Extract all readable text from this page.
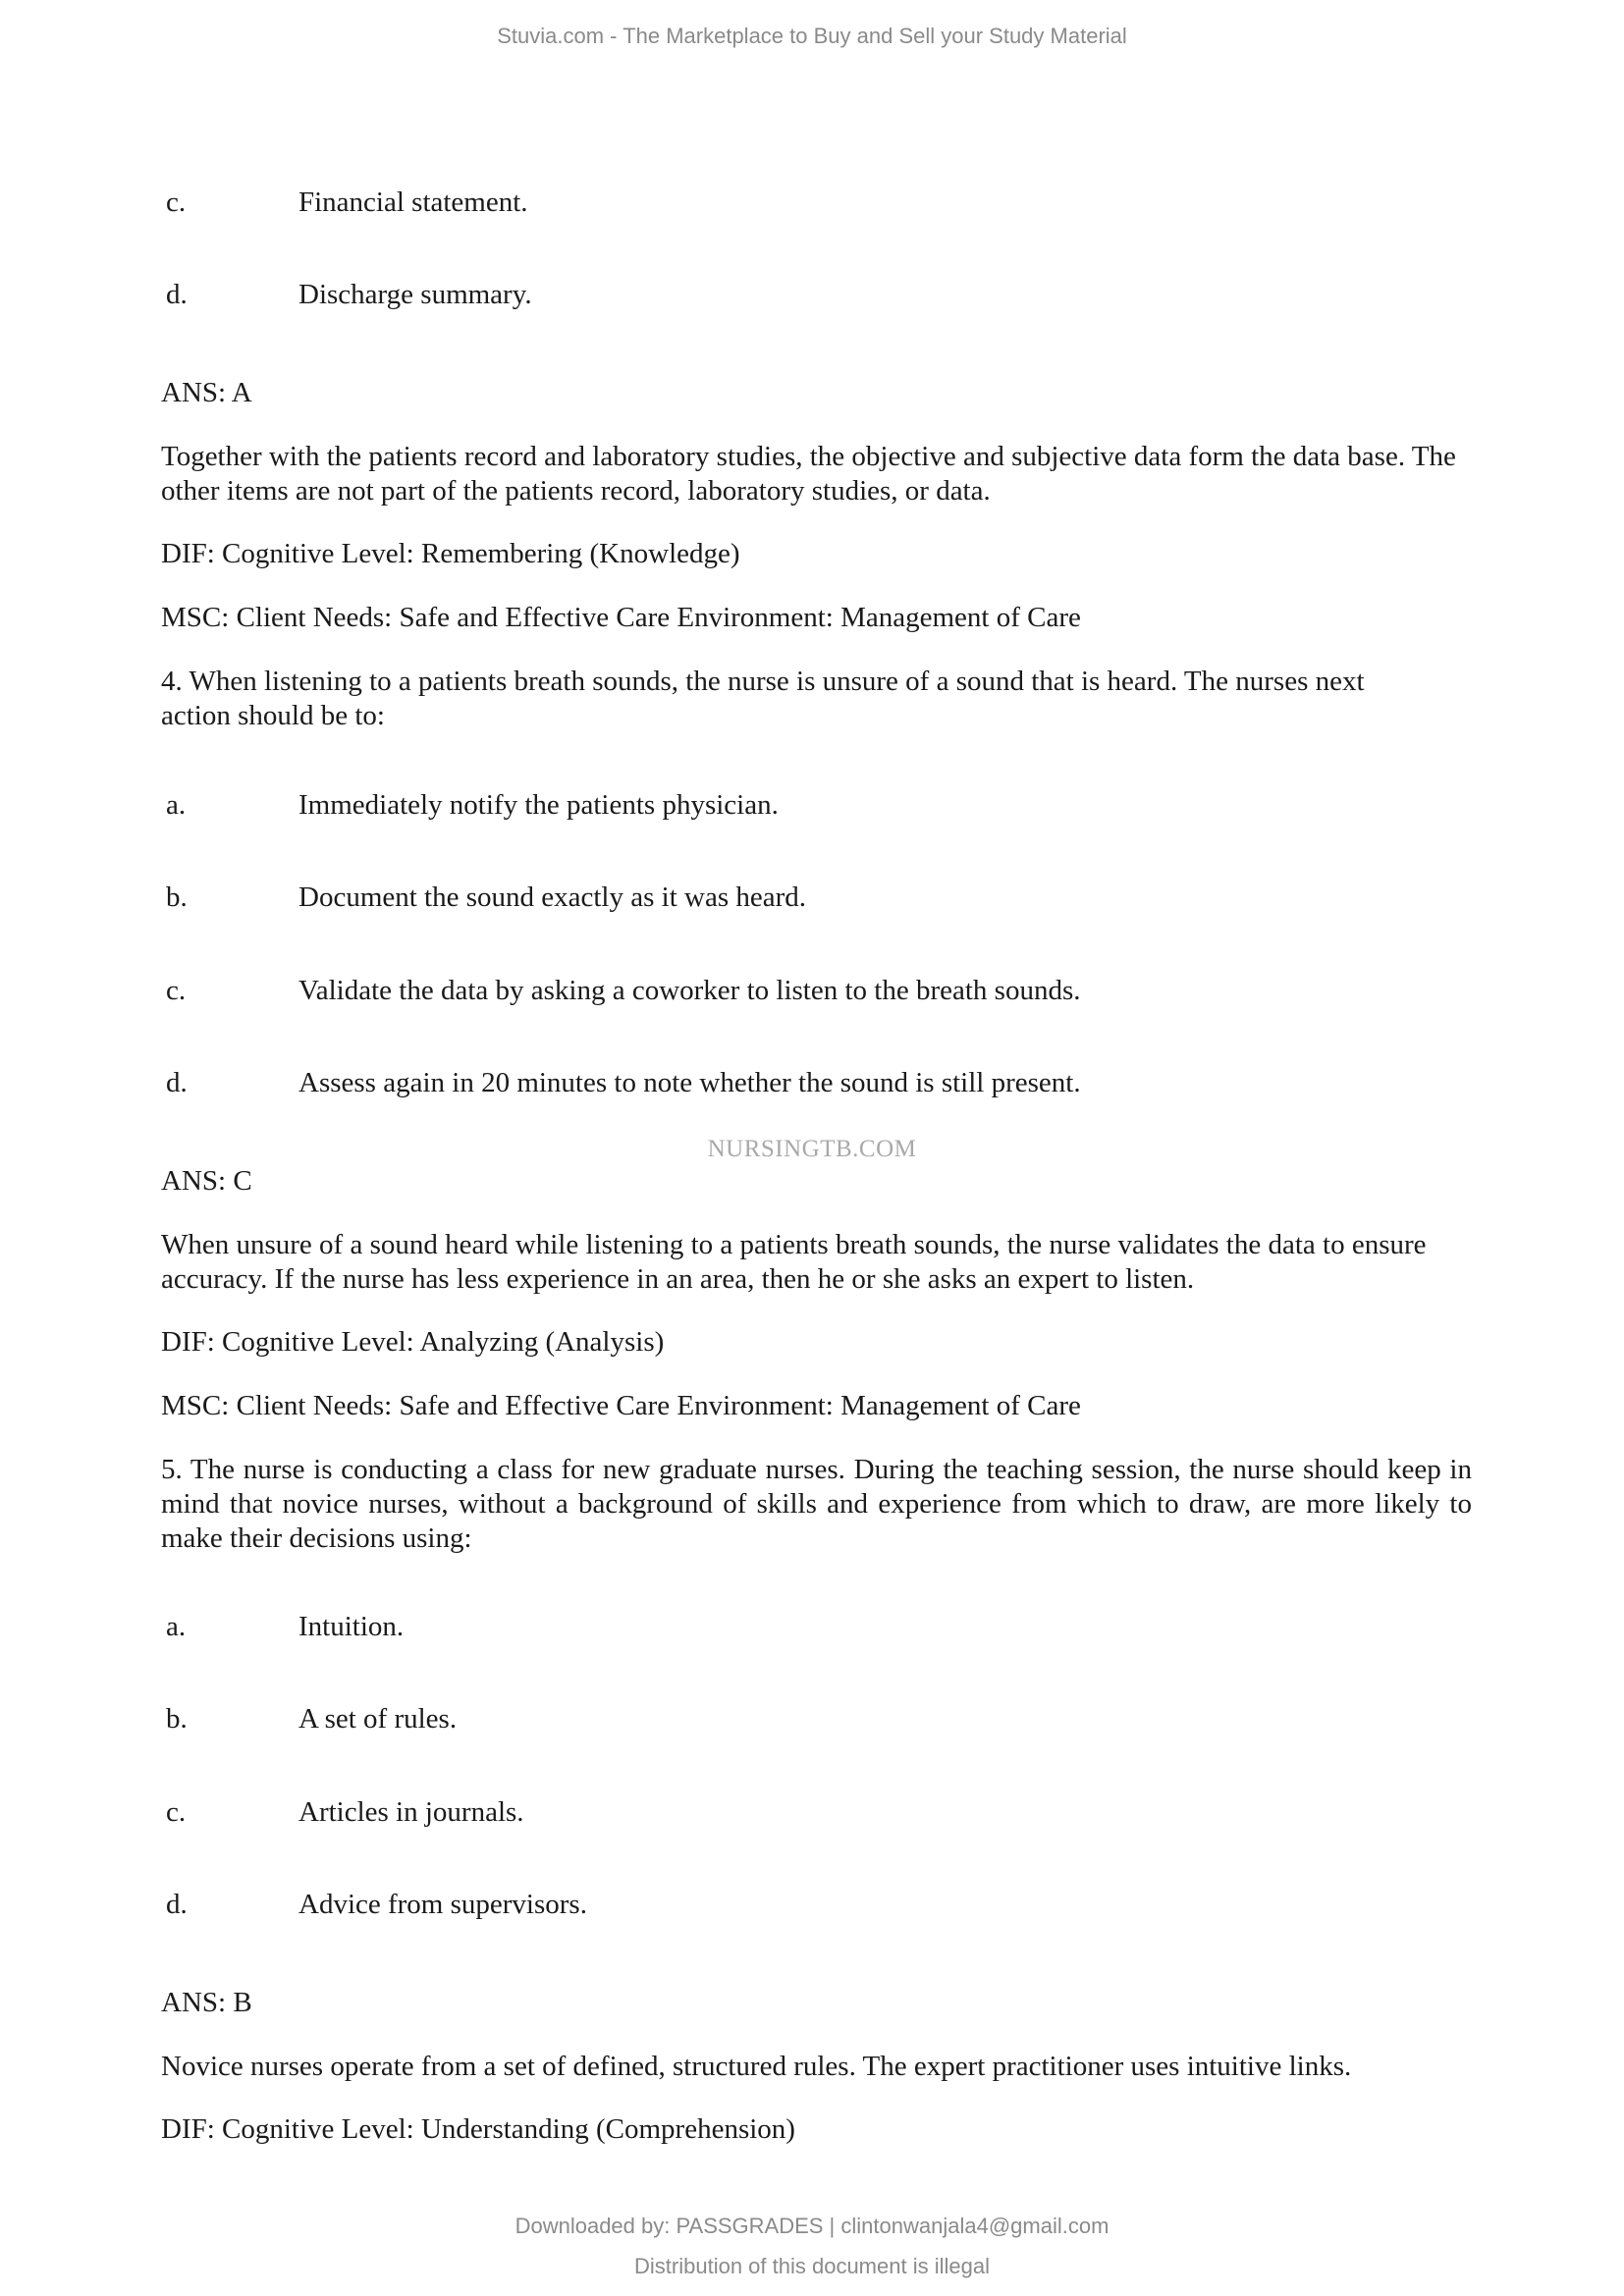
Stuvia.com - The Marketplace to Buy and Sell your Study Material
c.	Financial statement.
d.	Discharge summary.

ANS: A

Together with the patients record and laboratory studies, the objective and subjective data form the data base. The other items are not part of the patients record, laboratory studies, or data.

DIF: Cognitive Level: Remembering (Knowledge)

MSC: Client Needs: Safe and Effective Care Environment: Management of Care

4. When listening to a patients breath sounds, the nurse is unsure of a sound that is heard. The nurses next action should be to:

a.	Immediately notify the patients physician.
b.	Document the sound exactly as it was heard.
c.	Validate the data by asking a coworker to listen to the breath sounds.
d.	Assess again in 20 minutes to note whether the sound is still present.
NURSINGTB.COM

ANS: C

When unsure of a sound heard while listening to a patients breath sounds, the nurse validates the data to ensure accuracy. If the nurse has less experience in an area, then he or she asks an expert to listen.

DIF: Cognitive Level: Analyzing (Analysis)

MSC: Client Needs: Safe and Effective Care Environment: Management of Care

5. The nurse is conducting a class for new graduate nurses. During the teaching session, the nurse should keep in mind that novice nurses, without a background of skills and experience from which to draw, are more likely to make their decisions using:

a.	Intuition.
b.	A set of rules.
c.	Articles in journals.
d.	Advice from supervisors.

ANS: B

Novice nurses operate from a set of defined, structured rules. The expert practitioner uses intuitive links.

DIF: Cognitive Level: Understanding (Comprehension)

Downloaded by: PASSGRADES | clintonwanjala4@gmail.com
Distribution of this document is illegal
